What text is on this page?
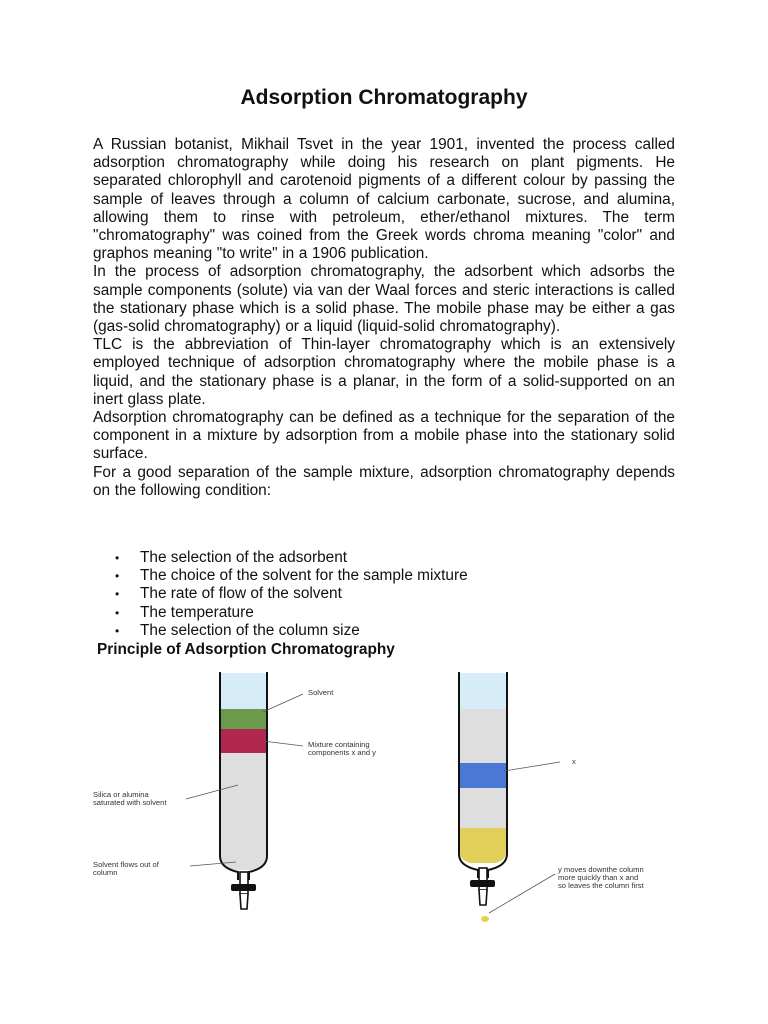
Adsorption Chromatography

A Russian botanist, Mikhail Tsvet in the year 1901, invented the process called adsorption chromatography while doing his research on plant pigments. He separated chlorophyll and carotenoid pigments of a different colour by passing the sample of leaves through a column of calcium carbonate, sucrose, and alumina, allowing them to rinse with petroleum, ether/ethanol mixtures. The term "chromatography" was coined from the Greek words chroma meaning "color" and graphos meaning "to write" in a 1906 publication.

In the process of adsorption chromatography, the adsorbent which adsorbs the sample components (solute) via van der Waal forces and steric interactions is called the stationary phase which is a solid phase. The mobile phase may be either a gas (gas-solid chromatography) or a liquid (liquid-solid chromatography).

TLC is the abbreviation of Thin-layer chromatography which is an extensively employed technique of adsorption chromatography where the mobile phase is a liquid, and the stationary phase is a planar, in the form of a solid-supported on an inert glass plate.

Adsorption chromatography can be defined as a technique for the separation of the component in a mixture by adsorption from a mobile phase into the stationary solid surface.

For a good separation of the sample mixture, adsorption chromatography depends on the following condition:

• The selection of the adsorbent
• The choice of the solvent for the sample mixture
• The rate of flow of the solvent
• The temperature
• The selection of the column size
Principle of Adsorption Chromatography
Solvent
Mixture containing
components x and y
Silica or alumina
saturated with solvent
Solvent flows out of
column
x
y moves downthe column
more quickly than x and
so leaves the column first
